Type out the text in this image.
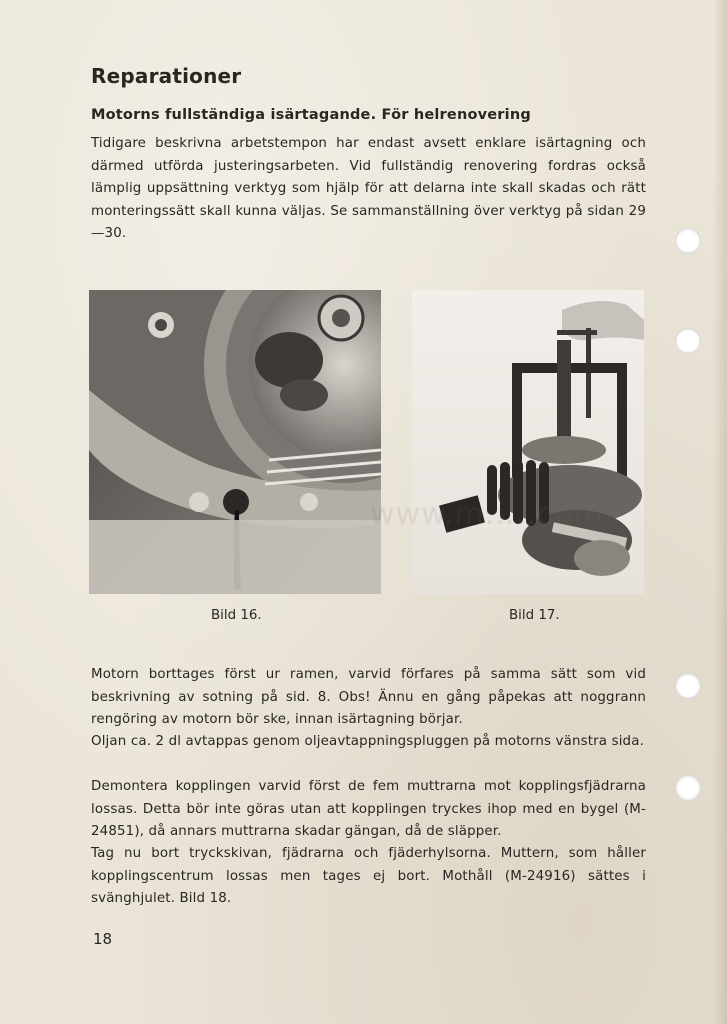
Reparationer
Motorns fullständiga isärtagande. För helrenovering

Tidigare beskrivna arbetstempon har endast avsett enklare isärtagning och därmed utförda justeringsarbeten. Vid fullständig renovering fordras också lämplig uppsättning verktyg som hjälp för att delarna inte skall skadas och rätt monteringssätt skall kunna väljas. Se sammanställning över verktyg på sidan 29—30.

Bild 16.	Bild 17.

www.m…..com

Motorn borttages först ur ramen, varvid förfares på samma sätt som vid beskrivning av sotning på sid. 8. Obs! Ännu en gång påpekas att noggrann rengöring av motorn bör ske, innan isärtagning börjar.

Oljan ca. 2 dl avtappas genom oljeavtappningspluggen på motorns vänstra sida.

Demontera kopplingen varvid först de fem muttrarna mot kopplingsfjädrarna lossas. Detta bör inte göras utan att kopplingen tryckes ihop med en bygel (M-24851), då annars muttrarna skadar gängan, då de släpper.

Tag nu bort tryckskivan, fjädrarna och fjäderhylsorna. Muttern, som håller kopplingscentrum lossas men tages ej bort. Mothåll (M-24916) sättes i svänghjulet. Bild 18.

18
